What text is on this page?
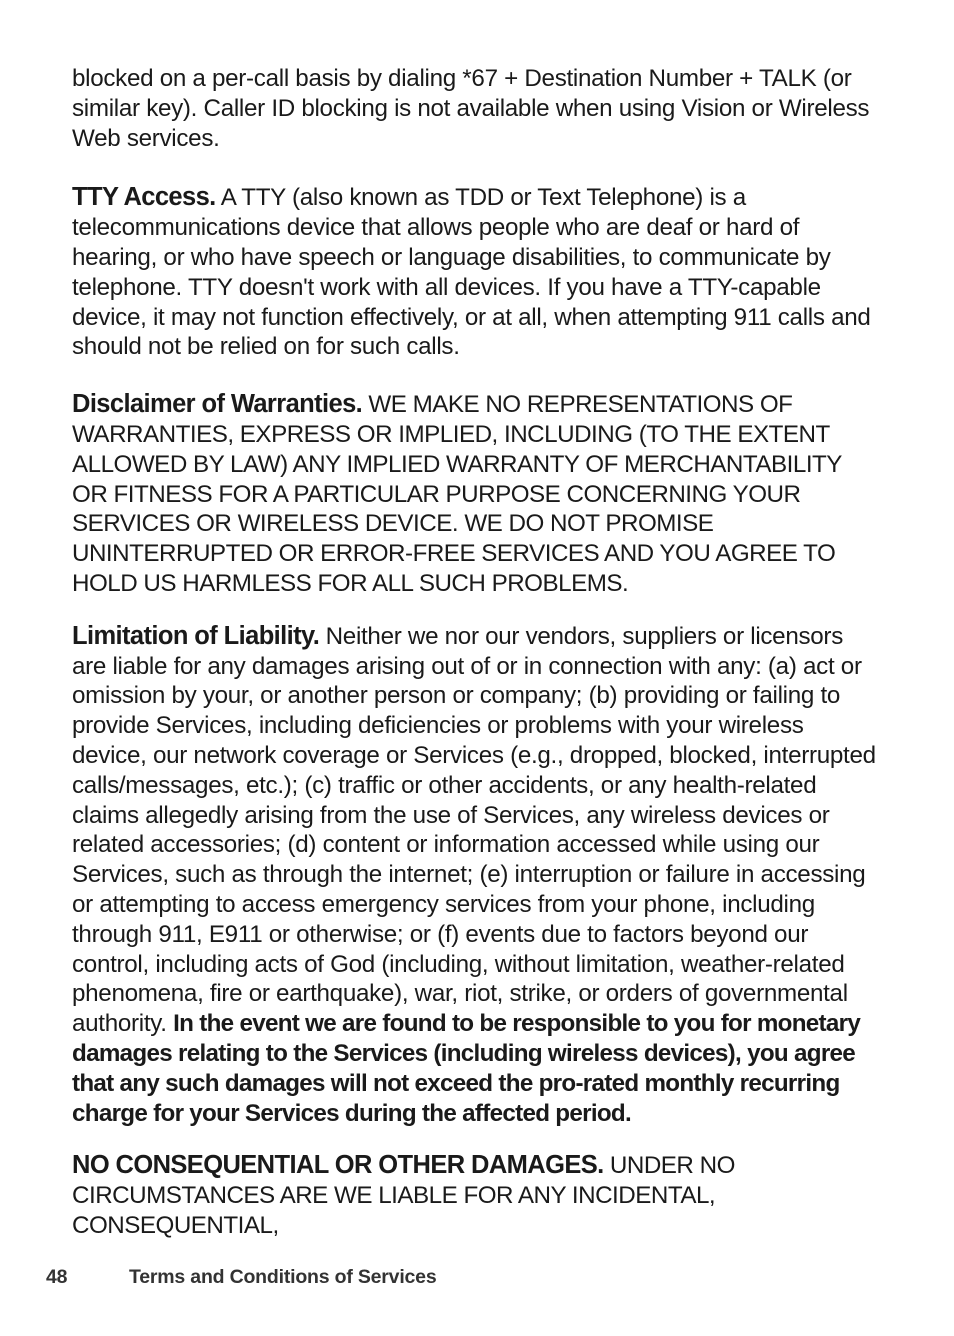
blocked on a per-call basis by dialing *67 + Destination Number + TALK (or similar key). Caller ID blocking is not available when using Vision or Wireless Web services.

TTY Access. A TTY (also known as TDD or Text Telephone) is a telecommunications device that allows people who are deaf or hard of hearing, or who have speech or language disabilities, to communicate by telephone. TTY doesn't work with all devices. If you have a TTY-capable device, it may not function effectively, or at all, when attempting 911 calls and should not be relied on for such calls.

Disclaimer of Warranties. WE MAKE NO REPRESENTATIONS OF WARRANTIES, EXPRESS OR IMPLIED, INCLUDING (TO THE EXTENT ALLOWED BY LAW) ANY IMPLIED WARRANTY OF MERCHANTABILITY OR FITNESS FOR A PARTICULAR PURPOSE CONCERNING YOUR SERVICES OR WIRELESS DEVICE. WE DO NOT PROMISE UNINTERRUPTED OR ERROR-FREE SERVICES AND YOU AGREE TO HOLD US HARMLESS FOR ALL SUCH PROBLEMS.

Limitation of Liability. Neither we nor our vendors, suppliers or licensors are liable for any damages arising out of or in connection with any: (a) act or omission by your, or another person or company; (b) providing or failing to provide Services, including deficiencies or problems with your wireless device, our network coverage or Services (e.g., dropped, blocked, interrupted calls/messages, etc.); (c) traffic or other accidents, or any health-related claims allegedly arising from the use of Services, any wireless devices or related accessories; (d) content or information accessed while using our Services, such as through the internet; (e) interruption or failure in accessing or attempting to access emergency services from your phone, including through 911, E911 or otherwise; or (f) events due to factors beyond our control, including acts of God (including, without limitation, weather-related phenomena, fire or earthquake), war, riot, strike, or orders of governmental authority. In the event we are found to be responsible to you for monetary damages relating to the Services (including wireless devices), you agree that any such damages will not exceed the pro-rated monthly recurring charge for your Services during the affected period.

NO CONSEQUENTIAL OR OTHER DAMAGES. UNDER NO CIRCUMSTANCES ARE WE LIABLE FOR ANY INCIDENTAL, CONSEQUENTIAL,

48	Terms and Conditions of Services
